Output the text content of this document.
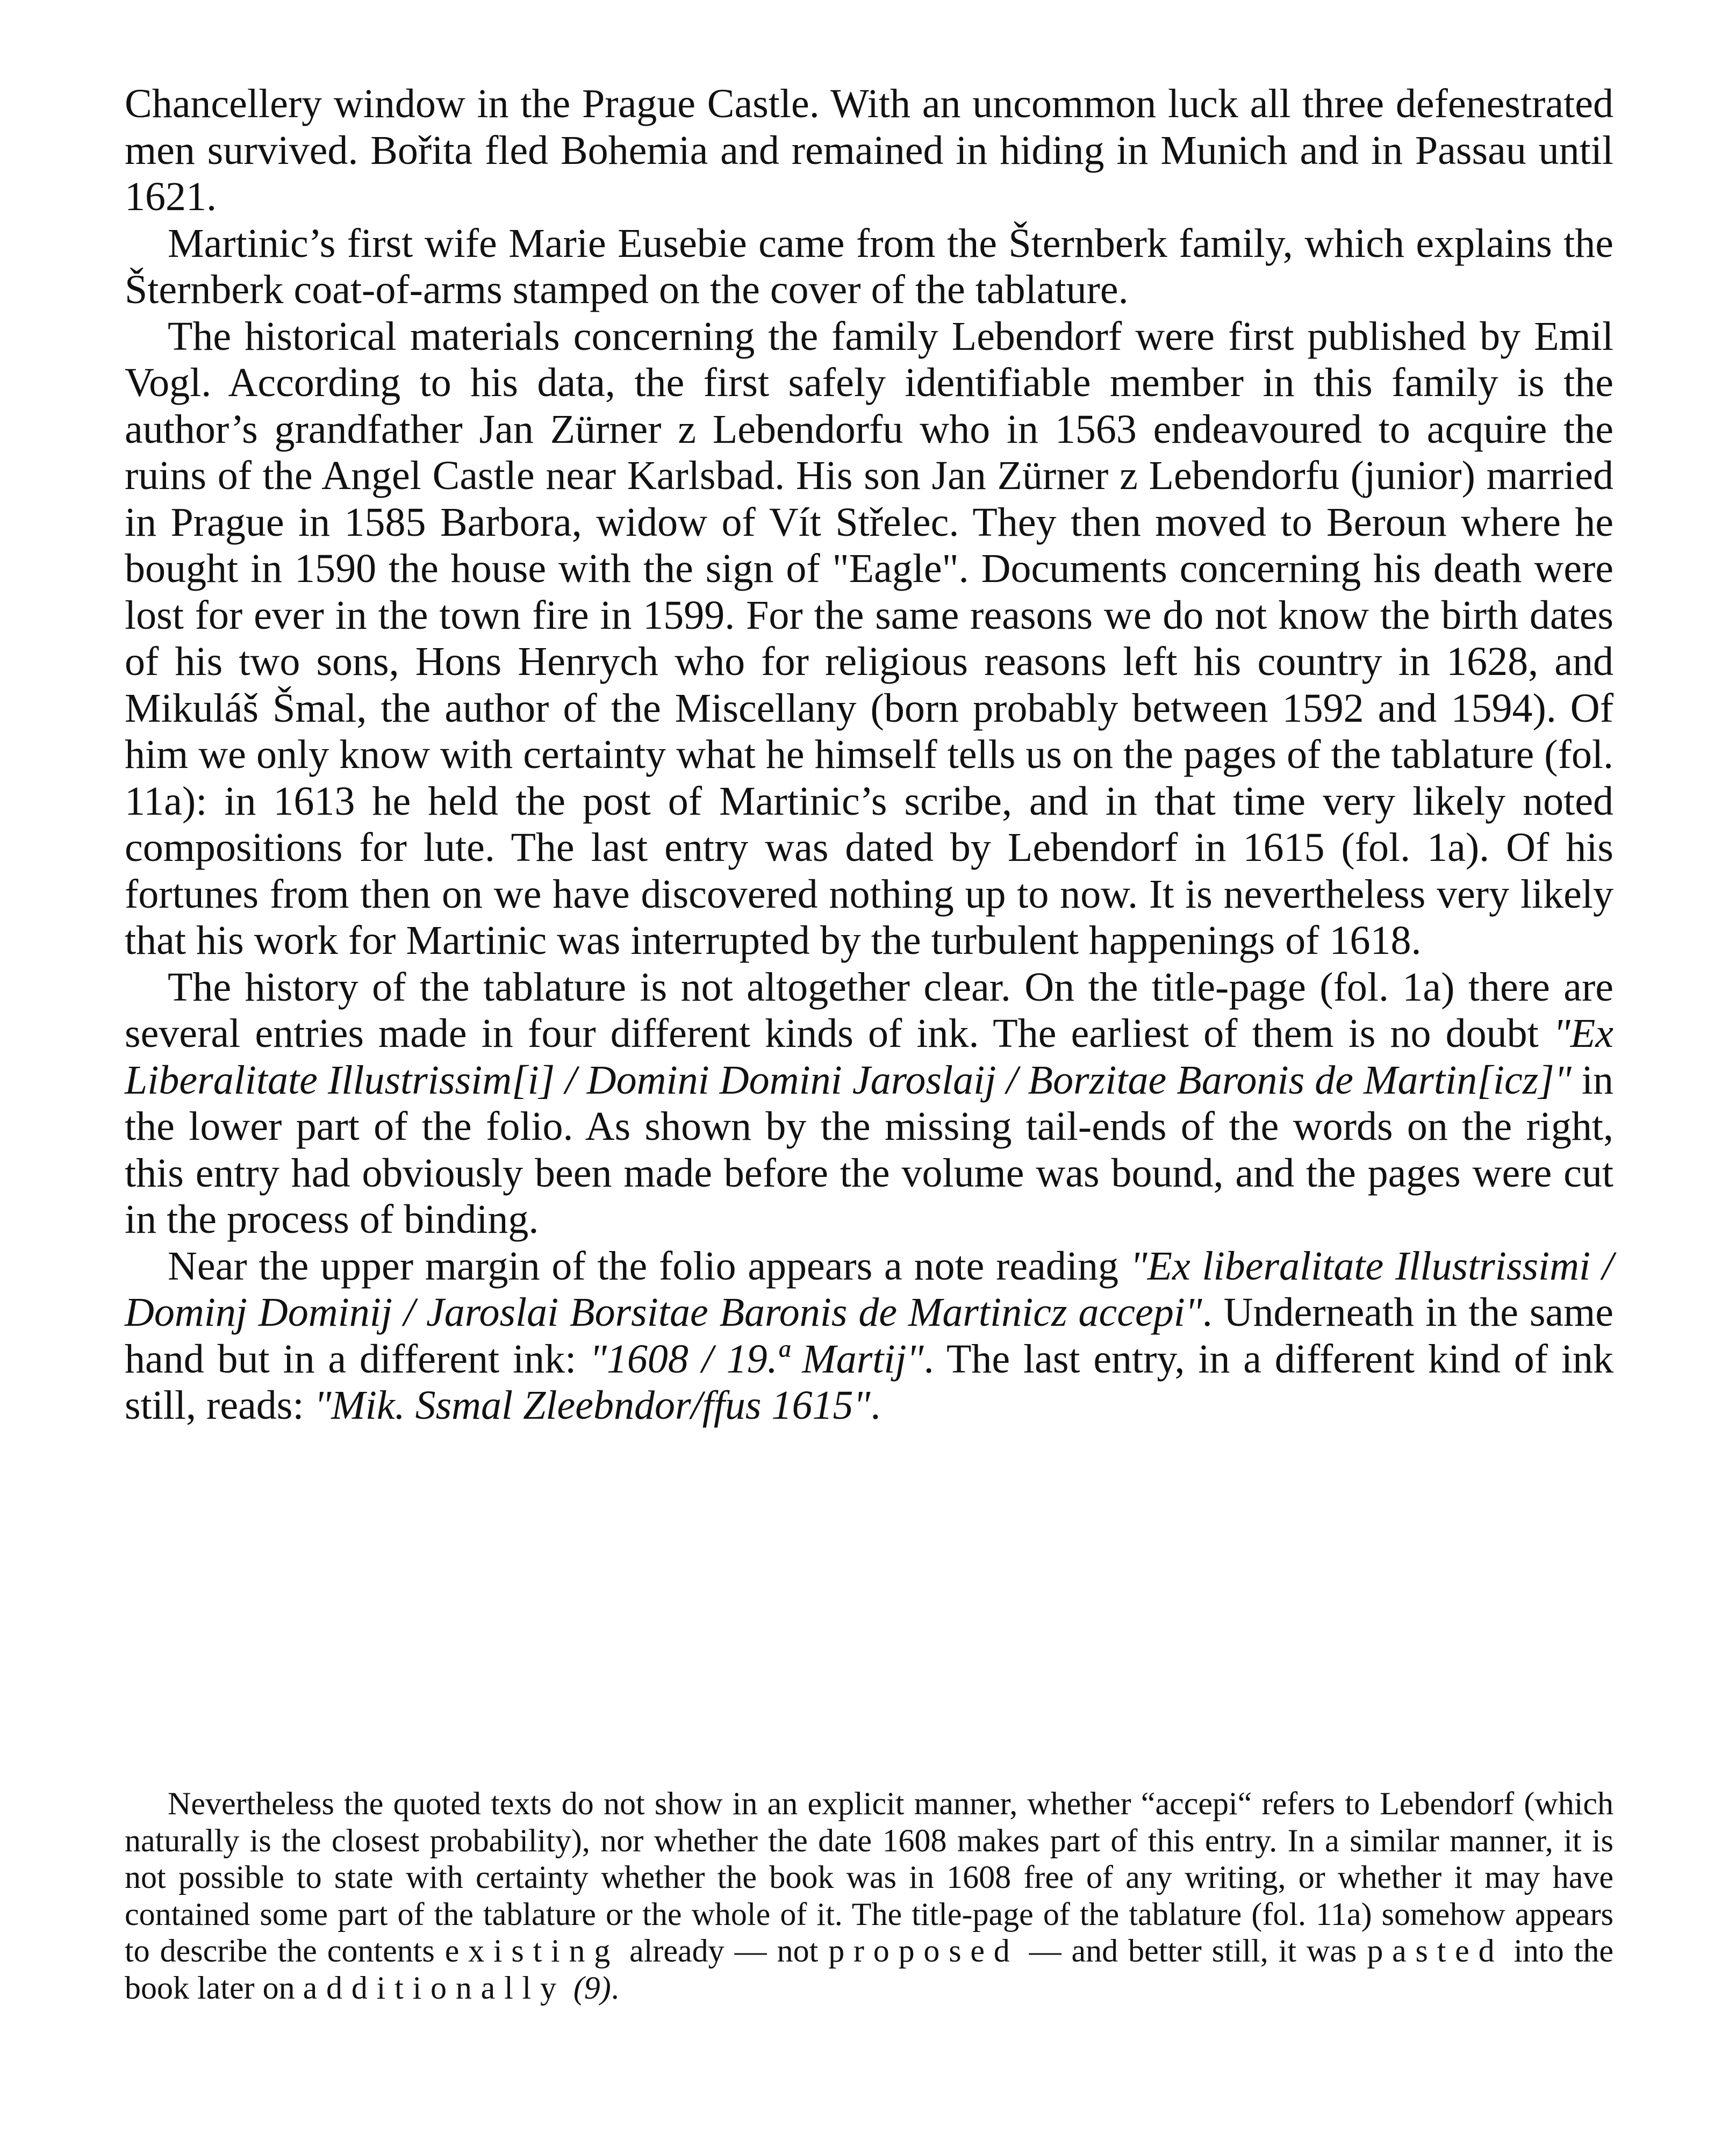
Chancellery window in the Prague Castle. With an uncommon luck all three defenestrated men survived. Bořita fled Bohemia and remained in hiding in Munich and in Passau until 1621.

Martinic’s first wife Marie Eusebie came from the Šternberk family, which explains the Šternberk coat-of-arms stamped on the cover of the tablature.

The historical materials concerning the family Lebendorf were first published by Emil Vogl. According to his data, the first safely identifiable member in this family is the author’s grandfather Jan Zürner z Lebendorfu who in 1563 endeavoured to acquire the ruins of the Angel Castle near Karlsbad. His son Jan Zürner z Lebendorfu (junior) married in Prague in 1585 Barbora, widow of Vít Střelec. They then moved to Beroun where he bought in 1590 the house with the sign of "Eagle". Documents concerning his death were lost for ever in the town fire in 1599. For the same reasons we do not know the birth dates of his two sons, Hons Henrych who for religious reasons left his country in 1628, and Mikuláš Šmal, the author of the Miscellany (born probably between 1592 and 1594). Of him we only know with certainty what he himself tells us on the pages of the tablature (fol. 11a): in 1613 he held the post of Martinic’s scribe, and in that time very likely noted compositions for lute. The last entry was dated by Lebendorf in 1615 (fol. 1a). Of his fortunes from then on we have discovered nothing up to now. It is nevertheless very likely that his work for Martinic was interrupted by the turbulent happenings of 1618.

The history of the tablature is not altogether clear. On the title-page (fol. 1a) there are several entries made in four different kinds of ink. The earliest of them is no doubt "Ex Liberalitate Illustrissim[i] / Domini Domini Jaroslaij / Borzitae Baronis de Martin[icz]" in the lower part of the folio. As shown by the missing tail-ends of the words on the right, this entry had obviously been made before the volume was bound, and the pages were cut in the process of binding.

Near the upper margin of the folio appears a note reading "Ex liberalitate Illustrissimi / Dominj Dominij / Jaroslai Borsitae Baronis de Martinicz accepi". Underneath in the same hand but in a different ink: "1608 / 19.ª Martij". The last entry, in a different kind of ink still, reads: "Mik. Ssmal Zleebndor/ffus 1615".

Nevertheless the quoted texts do not show in an explicit manner, whether “accepi“ refers to Lebendorf (which naturally is the closest probability), nor whether the date 1608 makes part of this entry. In a similar manner, it is not possible to state with certainty whether the book was in 1608 free of any writing, or whether it may have contained some part of the tablature or the whole of it. The title-page of the tablature (fol. 11a) somehow appears to describe the contents existing already — not proposed — and better still, it was pasted into the book later on additionally (9).
